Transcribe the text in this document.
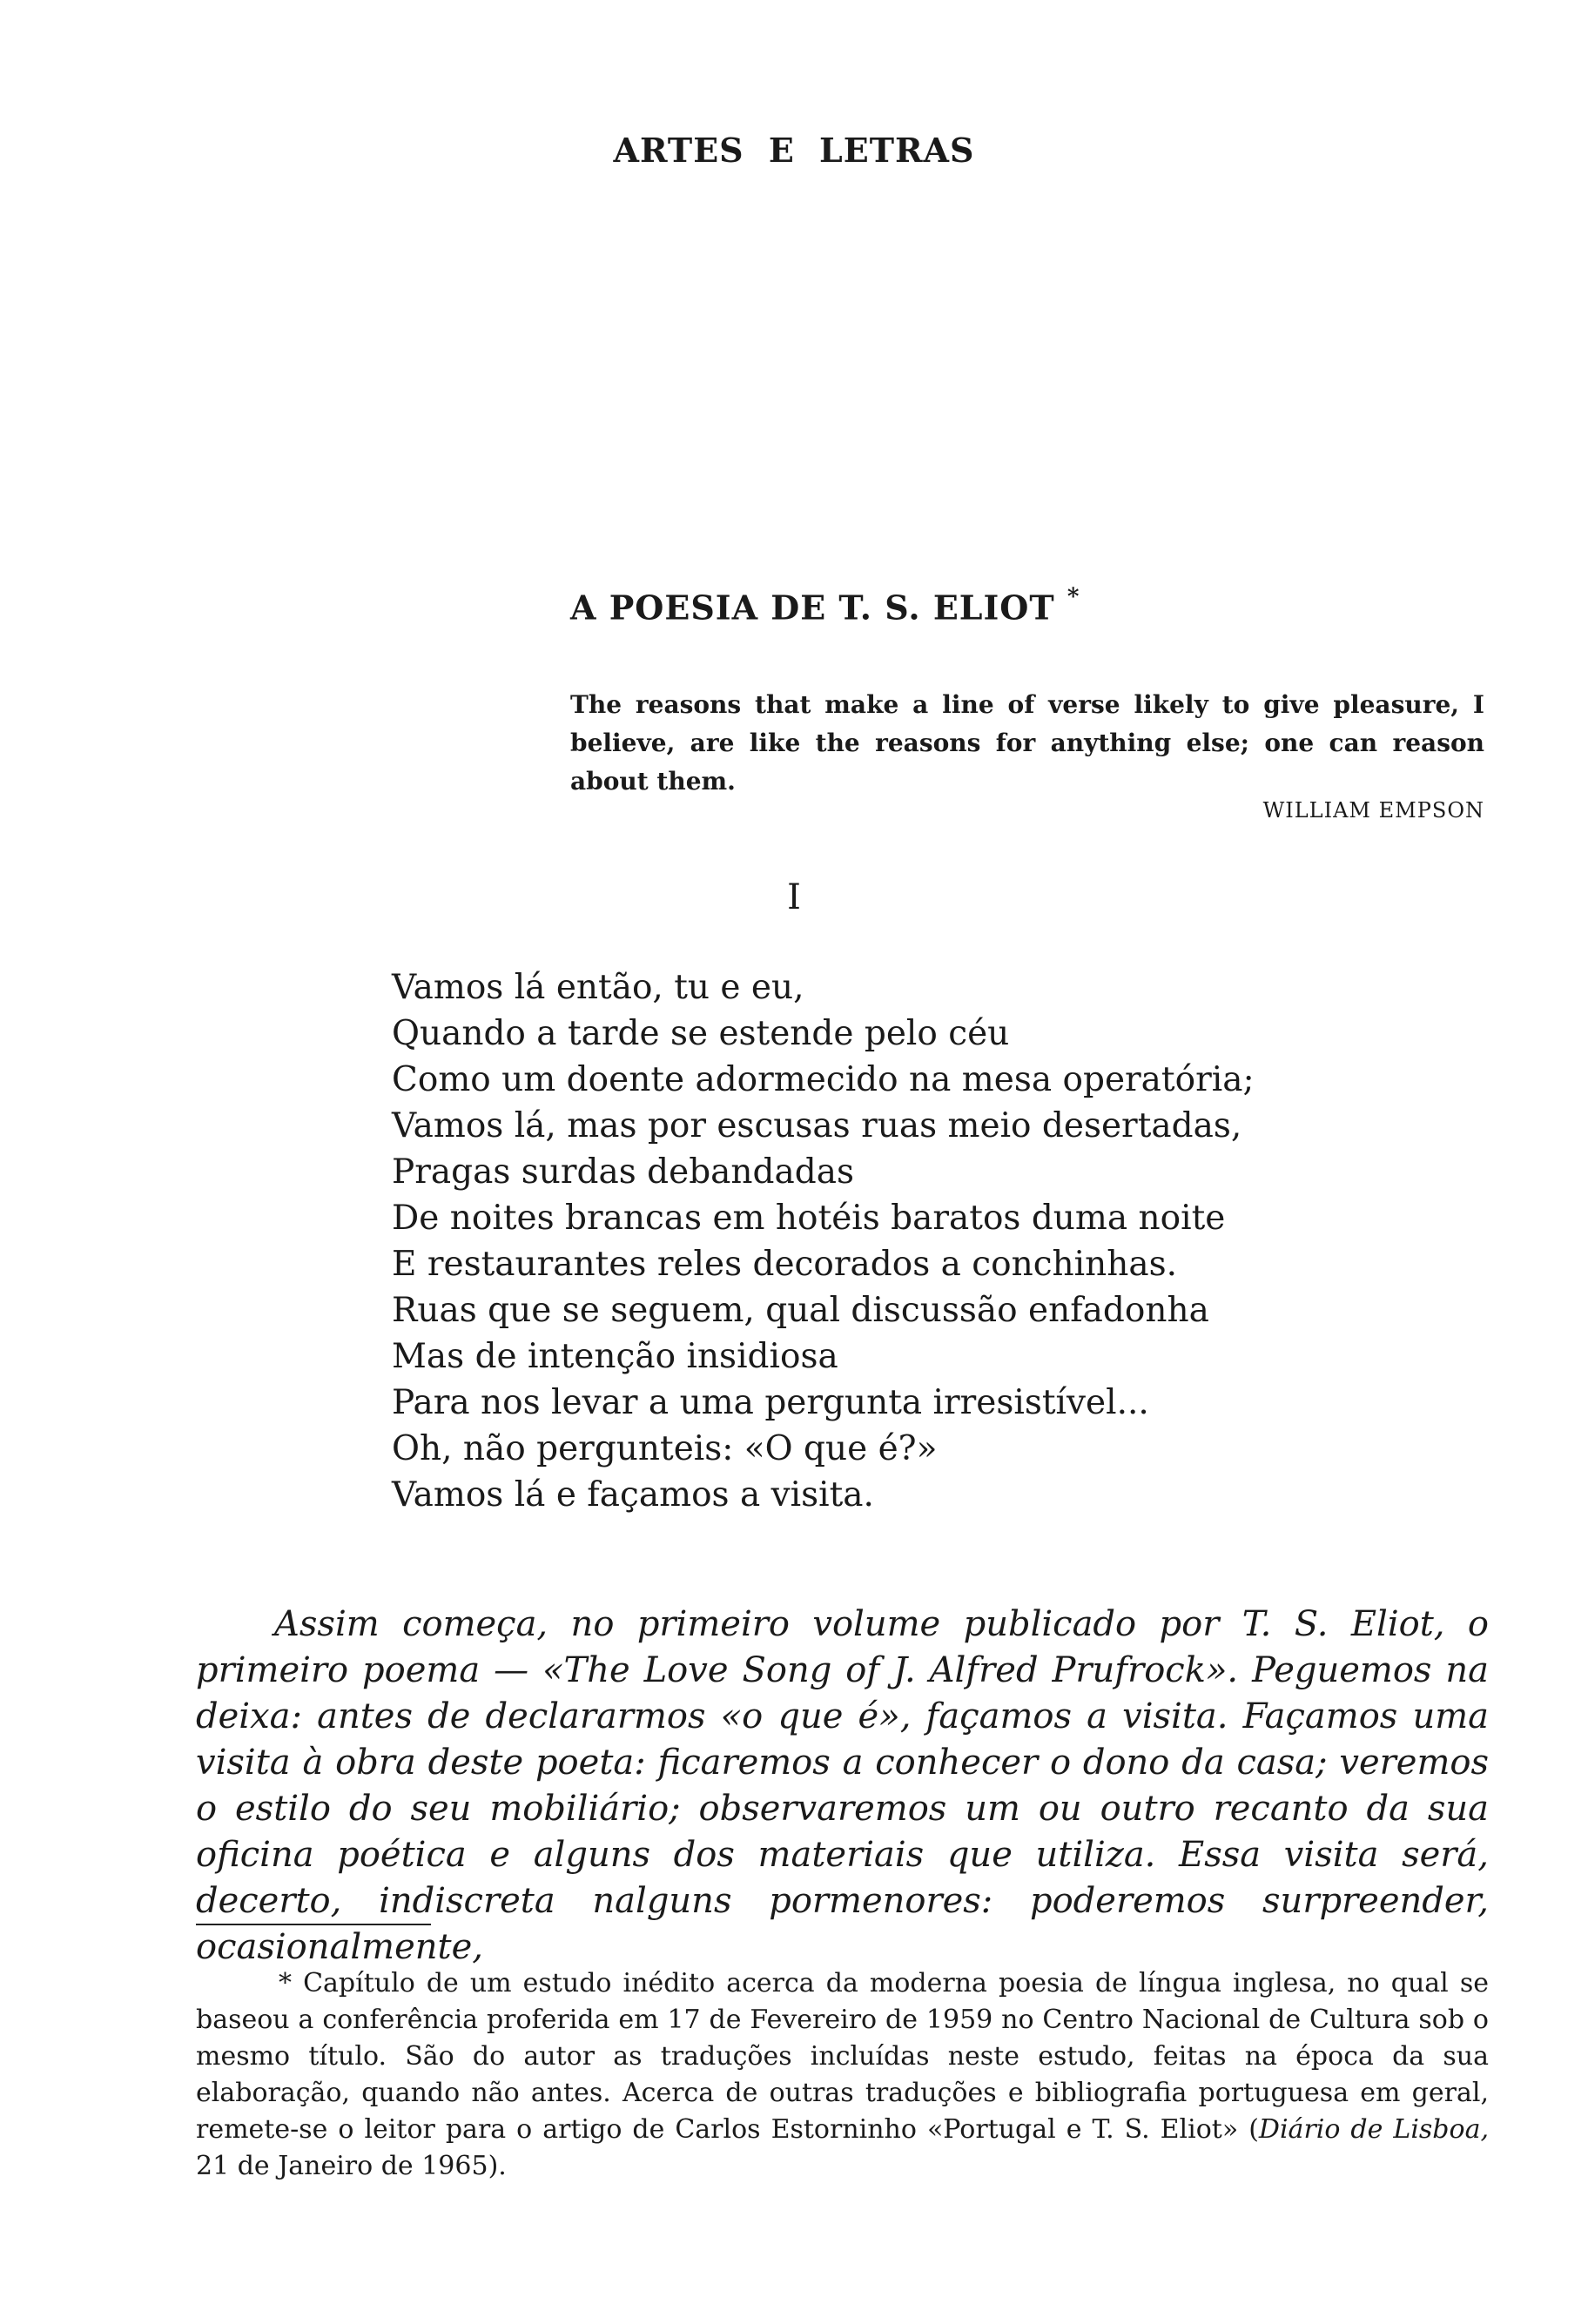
ARTES E LETRAS
A POESIA DE T. S. ELIOT *
The reasons that make a line of verse likely to give pleasure, I believe, are like the reasons for anything else; one can reason about them.
WILLIAM EMPSON
I
Vamos lá então, tu e eu,
Quando a tarde se estende pelo céu
Como um doente adormecido na mesa operatória;
Vamos lá, mas por escusas ruas meio desertadas,
Pragas surdas debandadas
De noites brancas em hotéis baratos duma noite
E restaurantes reles decorados a conchinhas.
Ruas que se seguem, qual discussão enfadonha
Mas de intenção insidiosa
Para nos levar a uma pergunta irresistível...
Oh, não pergunteis: «O que é?»
Vamos lá e façamos a visita.

Assim começa, no primeiro volume publicado por T. S. Eliot, o primeiro poema — «The Love Song of J. Alfred Prufrock». Peguemos na deixa: antes de declararmos «o que é», façamos a visita. Façamos uma visita à obra deste poeta: ficaremos a conhecer o dono da casa; veremos o estilo do seu mobiliário; observaremos um ou outro recanto da sua oficina poética e alguns dos materiais que utiliza. Essa visita será, decerto, indiscreta nalguns pormenores: poderemos surpreender, ocasionalmente,

* Capítulo de um estudo inédito acerca da moderna poesia de língua inglesa, no qual se baseou a conferência proferida em 17 de Fevereiro de 1959 no Centro Nacional de Cultura sob o mesmo título. São do autor as traduções incluídas neste estudo, feitas na época da sua elaboração, quando não antes. Acerca de outras traduções e bibliografia portuguesa em geral, remete-se o leitor para o artigo de Carlos Estorninho «Portugal e T. S. Eliot» (Diário de Lisboa, 21 de Janeiro de 1965).
